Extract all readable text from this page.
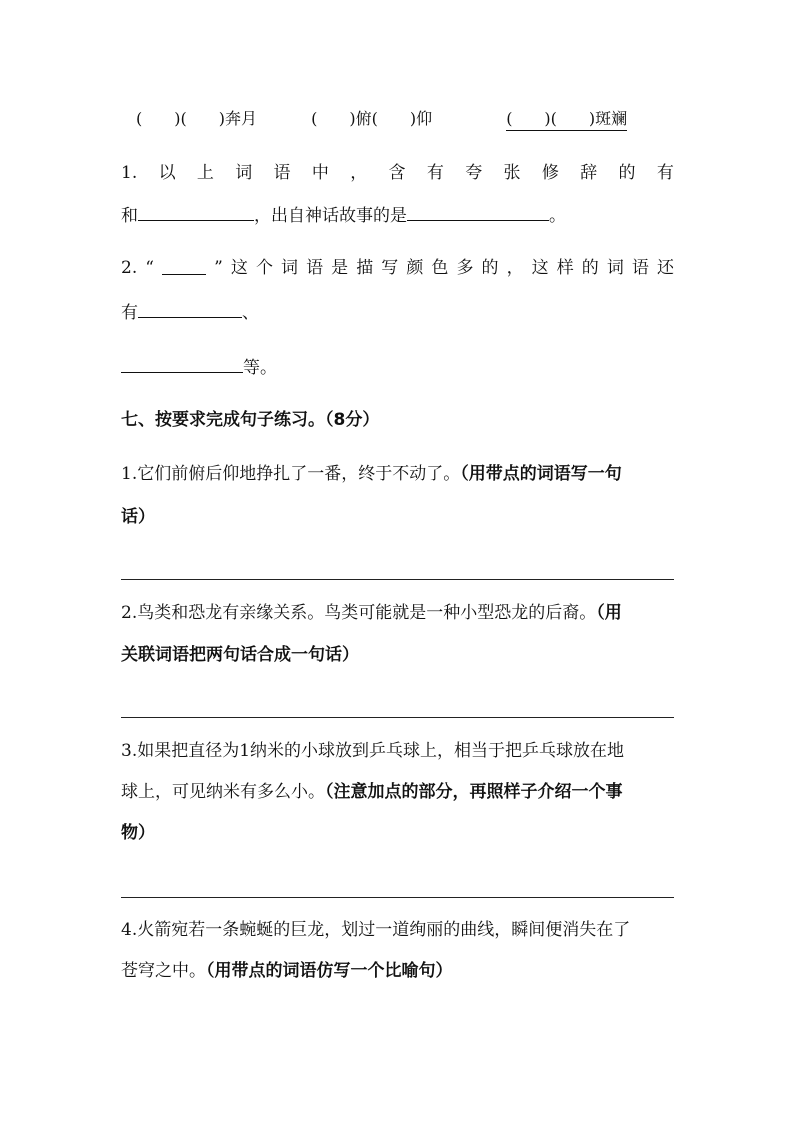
(　　)(　　)奔月	(　　)俯(　　)仰	(　　)(　　)斑斓
1. 以 上 词 语 中 ， 含 有 夸 张 修 辞 的 有
和	，出自神话故事的是	。
2. “	” 这 个 词 语 是 描 写 颜 色 多 的 ， 这 样 的 词 语 还
有	、
等。
七、按要求完成句子练习。（8分）
1.它们前俯后仰地挣扎了一番，终于不动了。（用带点的词语写一句
话）
2.鸟类和恐龙有亲缘关系。鸟类可能就是一种小型恐龙的后裔。（用
关联词语把两句话合成一句话）
3.如果把直径为1纳米的小球放到乒乓球上，相当于把乒乓球放在地
球上，可见纳米有多么小。（注意加点的部分，再照样子介绍一个事
物）
4.火箭宛若一条蜿蜒的巨龙，划过一道绚丽的曲线，瞬间便消失在了
苍穹之中。（用带点的词语仿写一个比喻句）
